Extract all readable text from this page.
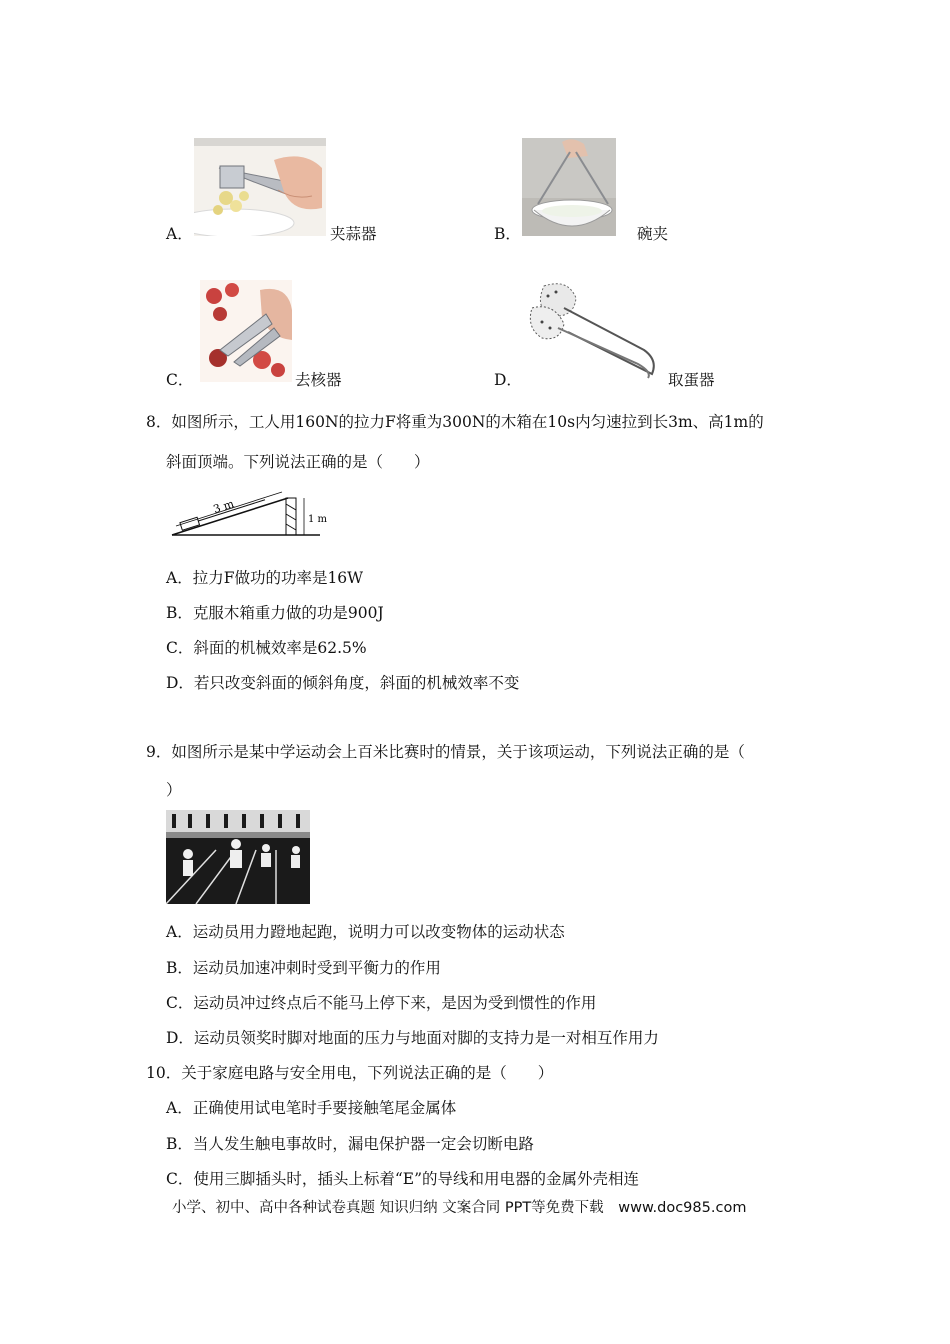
A．	夹蒜器	B．	碗夹
C．	去核器	D．	取蛋器
8．如图所示，工人用160N的拉力F将重为300N的木箱在10s内匀速拉到长3m、高1m的
斜面顶端。下列说法正确的是（　　）
3 m
1 m
A．拉力F做功的功率是16W
B．克服木箱重力做的功是900J
C．斜面的机械效率是62.5%
D．若只改变斜面的倾斜角度，斜面的机械效率不变
9．如图所示是某中学运动会上百米比赛时的情景，关于该项运动，下列说法正确的是（
）
A．运动员用力蹬地起跑，说明力可以改变物体的运动状态
B．运动员加速冲刺时受到平衡力的作用
C．运动员冲过终点后不能马上停下来，是因为受到惯性的作用
D．运动员领奖时脚对地面的压力与地面对脚的支持力是一对相互作用力
10．关于家庭电路与安全用电，下列说法正确的是（　　）
A．正确使用试电笔时手要接触笔尾金属体
B．当人发生触电事故时，漏电保护器一定会切断电路
C．使用三脚插头时，插头上标着“E”的导线和用电器的金属外壳相连
小学、初中、高中各种试卷真题 知识归纳 文案合同 PPT等免费下载 www.doc985.com
